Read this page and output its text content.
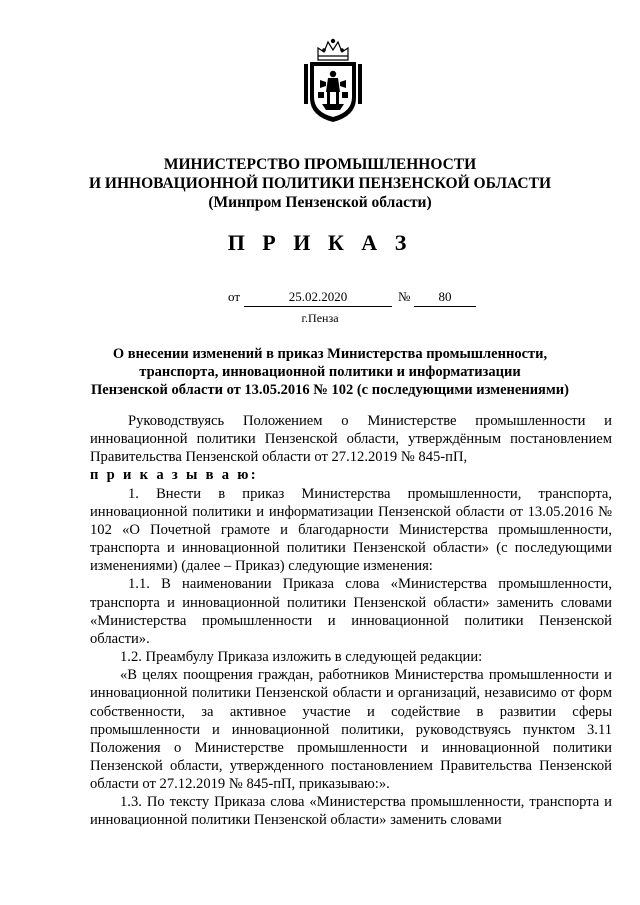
МИНИСТЕРСТВО ПРОМЫШЛЕННОСТИ
И ИННОВАЦИОННОЙ ПОЛИТИКИ ПЕНЗЕНСКОЙ ОБЛАСТИ
(Минпром Пензенской области)
П Р И К А З
от	25.02.2020	№	80
г.Пенза
О внесении изменений в приказ Министерства промышленности,
транспорта, инновационной политики и информатизации
Пензенской области от 13.05.2016 № 102 (с последующими изменениями)

Руководствуясь Положением о Министерстве промышленности и инновационной политики Пензенской области, утверждённым постановлением Правительства Пензенской области от 27.12.2019 № 845-пП,
п р и к а з ы в а ю:

1. Внести в приказ Министерства промышленности, транспорта, инновационной политики и информатизации Пензенской области от 13.05.2016 № 102 «О Почетной грамоте и благодарности Министерства промышленности, транспорта и инновационной политики Пензенской области» (с последующими изменениями) (далее – Приказ) следующие изменения:

1.1. В наименовании Приказа слова «Министерства промышленности, транспорта и инновационной политики Пензенской области» заменить словами «Министерства промышленности и инновационной политики Пензенской области».

1.2. Преамбулу Приказа изложить в следующей редакции:

«В целях поощрения граждан, работников Министерства промышленности и инновационной политики Пензенской области и организаций, независимо от форм собственности, за активное участие и содействие в развитии сферы промышленности и инновационной политики, руководствуясь пунктом 3.11 Положения о Министерстве промышленности и инновационной политики Пензенской области, утвержденного постановлением Правительства Пензенской области от 27.12.2019 № 845-пП, приказываю:».

1.3. По тексту Приказа слова «Министерства промышленности, транспорта и инновационной политики Пензенской области» заменить словами
